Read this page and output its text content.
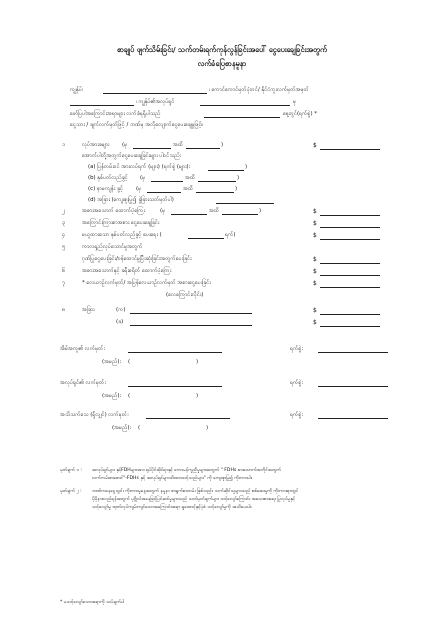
စာချုပ် ဖျက်သိမ်းခြင်း/ သက်တမ်းရက်ကုန်လွန်ခြင်းအပေါ် ငွေပေးချေခြင်းအတွက်
လက်ခံပြေစာနမူနာ
ကျွန်ုပ်၊	၊ ကောင်ကောင်မှတ်ပုံတင်/ နိုင်ငံကူးလက်မှတ်အမှတ်
၊ ကျွန်ုပ်၏အလုပ်ရှင်	မှ
ဖော်ပြပါအကြောင်းအရာများ လက်ခံရရှိပါသည်	နေ့တွင်(ရက်စွဲ) *
ငွေသား / ချက်လက်မှတ်ဖြင့် / ဘဏ်မှ အလိုလျောက်ငွေပေးချေမှုဖြင့်။
၁	လုပ်အားခများ (မှ	အထိ	)	$
အောက်ပါတို့အတွက်ငွေပေးချေခြင်းများ ပါဝင်သည်:
(a) ပြန်တမ်းဝင် အားလပ်ရက် (များ) (ရက်စွဲ (များ):	)
(b) နှစ်ပတ်လည်ခွင့် (မှ	အထိ	)
(c) နာမကျန်း ခွင့် (မှ	အထိ	)
(d) အခြား (ကျေးဇူးပြု၍ ခွဲခြားသတ်မှတ်ပါ)
၂	အစားအသောက် ထောက်ပံ့ကြေး	(မှ	အထိ	)	$
၃	အကြောင်းကြားစာအစား ငွေပေးချေခြင်း	$
၄	မယူထားသော နှစ်ပတ်လည်ခွင့် ပေးရေး (	ရက်)	$
၅	ကာလရှည်လုပ်သောင်မှုအတွက်
ဂုဏ်ပြုငွေပေးခြင်း/ဝန်ထောင်မှုပြီးဆုံးခြင်းအတွက်ပေးခြင်း	$
၆	အစားအသောက်နှင့် ခရီးစရိတ် ထောက်ပံ့ကြေး	$
၇	* လေယာဉ်လက်မှတ်/ အပြန်လေယာဉ်လက်မှတ် အစားငွေပေးခြင်း
(လေကြောင်းလိုင်း)
$
၈	အခြား	(က)	$
(ခ)	$
အိမ်အကူ၏ လက်မှတ်:
(အမည်): (	)
ရက်စွဲ:
အလုပ်ရှင်၏ လက်မှတ်:
(အမည်): (	)
ရက်စွဲ:
အသိသက်သေ (ရှိလျှင်) လက်မှတ်:
(အမည်): (	)
ရက်စွဲ:
မှတ်ချက် ၁ : အလုပ်ရှင်များ နှင့်FDHများအား ရုပ်ပိုင်ဆိုင်ရာနှင့် ကောမန်ကူညီမှုများအတွက် " FDHs စားသောက်အကိုင်အတွက်
လက်ကမ်းစာစောင်"-FDHs နှင့် အလုပ်ရှင်များသိထားသင့်သည်များ" ကို ကျေးဇူးပြု၍ ကိုးကားပါ။
မှတ်ချက် ၂ : ဘဏ်ကနေငွေသွင်း ကိုးကားမှုနေ့အတွက် နမူနာ စာရွက်စာတမ်း ဖြစ်သည်။ သက်ဆိုင်သူများသည် စစ်ဆေးမှုကို ကိုးကားရာတွင်
ပိုမိုနားလည်ရန်အတွက် ပုဂ္ဂိုလ်အနေဖြင့်ပြင်ဆင်မှုများသည် သတ်မှတ်ချက်များ သင့်လျော်ကြောင်း အသေးစားရေး ပြုလုပ်မှုနှင့်
သင့်လျော်မှု ထုတ်လုပ်ကျမ်းကျင်သောအကြောင်းအရာ ရှုထောင့်နှင့်ပုံစံ သင့်လျော်မှုကို အသိပေးပါ။
* မသင့်လျော်သောအရာကို သပ်ချက်ပါ
